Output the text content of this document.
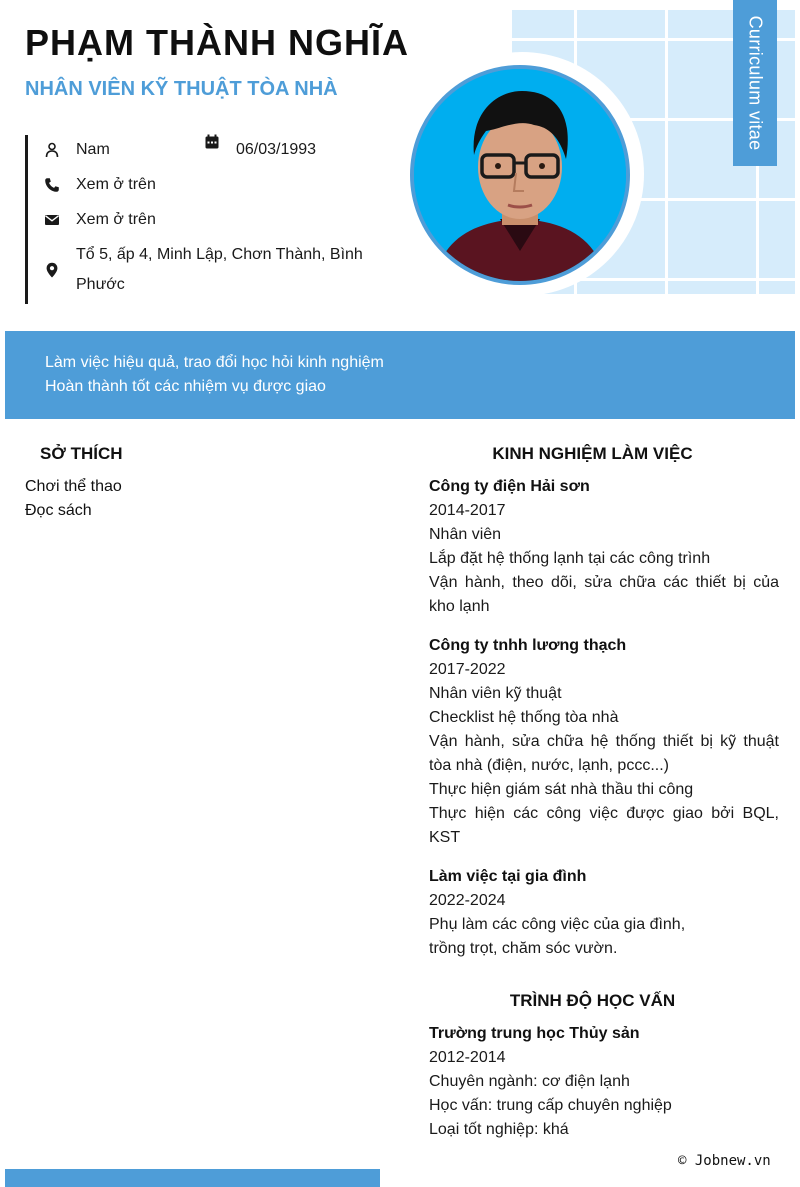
Curriculum vitae
PHẠM THÀNH NGHĨA
NHÂN VIÊN KỸ THUẬT TÒA NHÀ
Nam	06/03/1993
Xem ở trên
Xem ở trên
Tổ 5, ấp 4, Minh Lập, Chơn Thành, Bình Phước
Làm việc hiệu quả, trao đổi học hỏi kinh nghiệm
Hoàn thành tốt các nhiệm vụ được giao
SỞ THÍCH
Chơi thể thao
Đọc sách
KINH NGHIỆM LÀM VIỆC
Công ty điện Hải sơn
2014-2017
Nhân viên
Lắp đặt hệ thống lạnh tại các công trình
Vận hành, theo dõi, sửa chữa các thiết bị của kho lạnh
Công ty tnhh lương thạch
2017-2022
Nhân viên kỹ thuật
Checklist hệ thống tòa nhà
Vận hành, sửa chữa hệ thống thiết bị kỹ thuật tòa nhà (điện, nước, lạnh, pccc...)
Thực hiện giám sát nhà thầu thi công
Thực hiện các công việc được giao bởi BQL, KST
Làm việc tại gia đình
2022-2024
Phụ làm các công việc của gia đình,
trồng trọt, chăm sóc vườn.
TRÌNH ĐỘ HỌC VẤN
Trường trung học Thủy sản
2012-2014
Chuyên ngành: cơ điện lạnh
Học vấn: trung cấp chuyên nghiệp
Loại tốt nghiệp: khá
© Jobnew.vn
